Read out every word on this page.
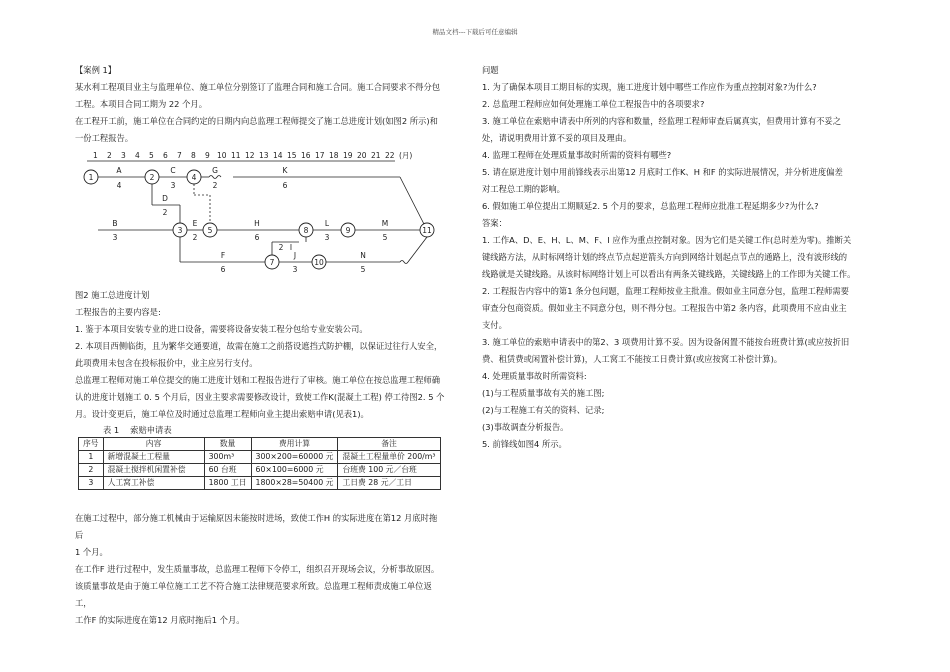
精品文档---下载后可任意编辑

【案例 1】

某水利工程项目业主与监理单位、施工单位分别签订了监理合同和施工合同。施工合同要求不得分包

工程。本项目合同工期为 22 个月。

在工程开工前，施工单位在合同约定的日期内向总监理工程师提交了施工总进度计划(如图2 所示)和

一份工程报告。

1 2 3 4 5 6 7 8 9 10 11 12 13 14 15 16 17 18 19 20 21 22 (月)
1	2	4
3	5	8	9	11
7	10
A
4
C
3
G
2
K
6
D
2
B
3
E
2
H
6
L
3
M
5
F
6
I
2
J
3
N
5

图2 施工总进度计划

工程报告的主要内容是:

1. 鉴于本项目安装专业的进口设备，需要将设备安装工程分包给专业安装公司。

2. 本项目西侧临街，且为繁华交通要道，故需在施工之前搭设遮挡式防护棚，以保证过往行人安全，

此项费用未包含在投标报价中，业主应另行支付。

总监理工程师对施工单位提交的施工进度计划和工程报告进行了审核。施工单位在按总监理工程师确

认的进度计划施工 0. 5 个月后，因业主要求需要修改设计，致使工作K(混凝土工程) 停工待图2. 5 个

月。设计变更后，施工单位及时通过总监理工程师向业主提出索赔申请(见表1)。

表 1 　索赔申请表
序号	内容	数量	费用计算	备注
1	新增混凝土工程量	300m³	300×200=60000 元	混凝土工程量单价 200/m³
2	混凝土搅拌机闲置补偿	60 台班	60×100=6000 元	台班费 100 元／台班
3	人工窝工补偿	1800 工日	1800×28=50400 元	工日费 28 元／工日

在施工过程中，部分施工机械由于运输原因未能按时进场，致使工作H 的实际进度在第12 月底时拖后

1 个月。

在工作F 进行过程中，发生质量事故，总监理工程师下令停工，组织召开现场会议，分析事故原因。

该质量事故是由于施工单位施工工艺不符合施工法律规范要求所致。总监理工程师责成施工单位返工，

工作F 的实际进度在第12 月底时拖后1 个月。

问题

1. 为了确保本项目工期目标的实现，施工进度计划中哪些工作应作为重点控制对象?为什么?

2. 总监理工程师应如何处理施工单位工程报告中的各项要求?

3. 施工单位在索赔申请表中所列的内容和数量，经监理工程师审查后属真实，但费用计算有不妥之

处，请说明费用计算不妥的项目及理由。

4. 监理工程师在处理质量事故时所需的资料有哪些?

5. 请在原进度计划中用前锋线表示出第12 月底时工作K、H 和F 的实际进展情况，并分析进度偏差

对工程总工期的影响。

6. 假如施工单位提出工期顺延2. 5 个月的要求，总监理工程师应批准工程延期多少?为什么?

答案：

1. 工作A、D、E、H、L、M、F、I 应作为重点控制对象。因为它们是关键工作(总时差为零)。推断关

键线路方法，从时标网络计划的终点节点起逆箭头方向到网络计划起点节点的通路上，没有波形线的

线路就是关键线路。从该时标网络计划上可以看出有两条关键线路，关键线路上的工作即为关键工作。

2. 工程报告内容中的第1 条分包问题，监理工程师按业主批准。假如业主同意分包，监理工程师需要

审查分包商资质。假如业主不同意分包，则不得分包。工程报告中第2 条内容，此项费用不应由业主

支付。

3. 施工单位的索赔申请表中的第2、3 项费用计算不妥。因为设备闲置不能按台班费计算(或应按折旧

费、租赁费或闲置补偿计算)，人工窝工不能按工日费计算(或应按窝工补偿计算)。

4. 处理质量事故时所需资料:

(1)与工程质量事故有关的施工图;

(2)与工程施工有关的资料、记录;

(3)事故调查分析报告。

5. 前锋线如图4 所示。
